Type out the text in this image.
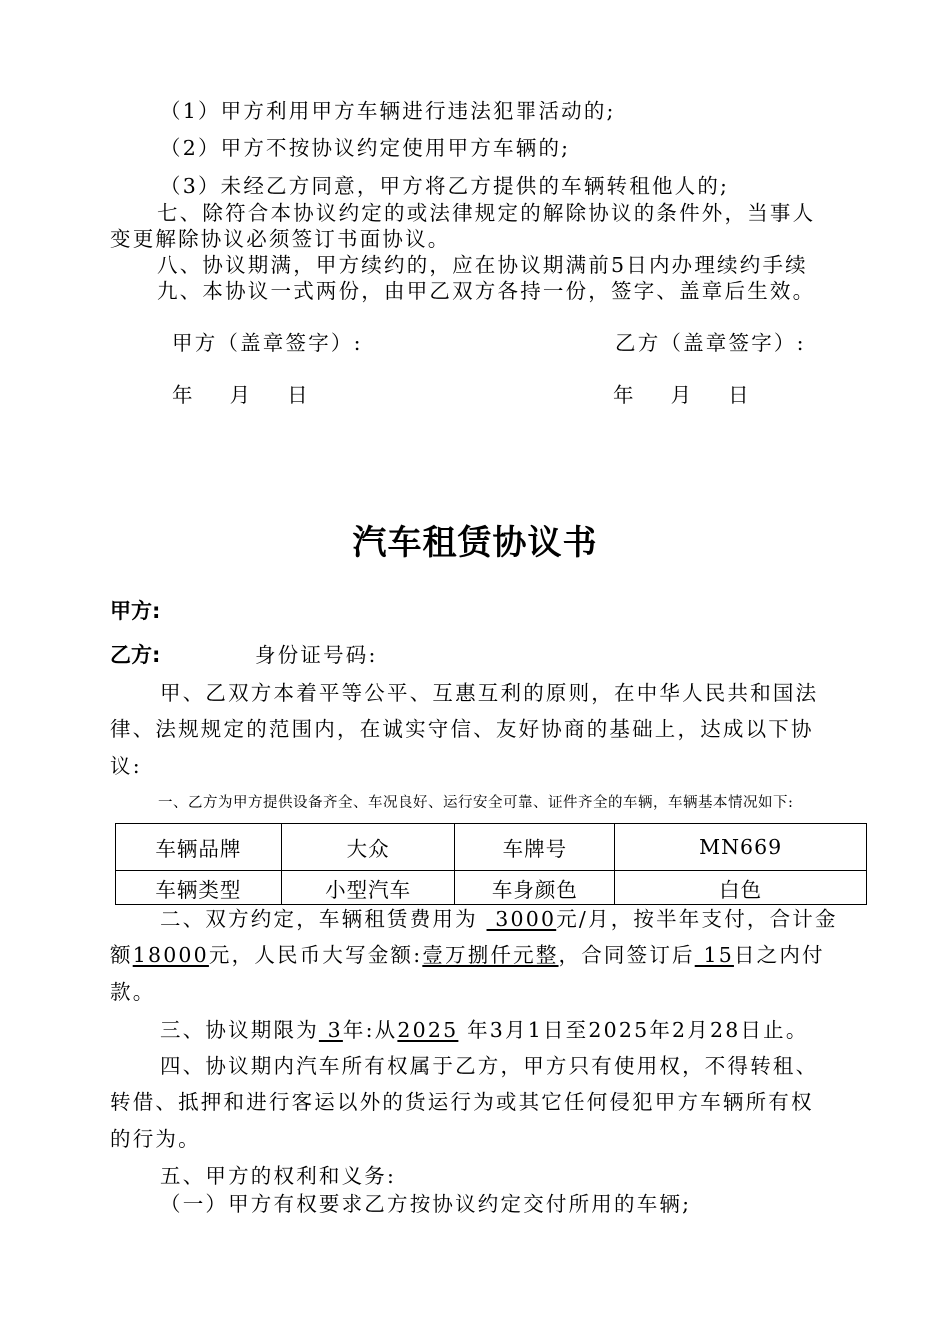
（1）甲方利用甲方车辆进行违法犯罪活动的;
（2）甲方不按协议约定使用甲方车辆的;
（3）未经乙方同意，甲方将乙方提供的车辆转租他人的;
七、除符合本协议约定的或法律规定的解除协议的条件外，当事人
变更解除协议必须签订书面协议。
八、协议期满，甲方续约的，应在协议期满前5日内办理续约手续
九、本协议一式两份，由甲乙双方各持一份，签字、盖章后生效。
甲方（盖章签字）:	乙方（盖章签字）:
年    月    日	年    月    日
汽车租赁协议书
甲方:
乙方:	身份证号码:
甲、乙双方本着平等公平、互惠互利的原则，在中华人民共和国法
律、法规规定的范围内，在诚实守信、友好协商的基础上，达成以下协
议:
一、乙方为甲方提供设备齐全、车况良好、运行安全可靠、证件齐全的车辆，车辆基本情况如下:
车辆品牌	大众	车牌号	MN669
车辆类型	小型汽车	车身颜色	白色
二、双方约定，车辆租赁费用为  3000元/月，按半年支付，合计金
额18000元，人民币大写金额:壹万捌仟元整，合同签订后 15日之内付
款。
三、协议期限为 3年:从2025 年3月1日至2025年2月28日止。
四、协议期内汽车所有权属于乙方，甲方只有使用权，不得转租、
转借、抵押和进行客运以外的货运行为或其它任何侵犯甲方车辆所有权
的行为。
五、甲方的权利和义务:
（一）甲方有权要求乙方按协议约定交付所用的车辆;
